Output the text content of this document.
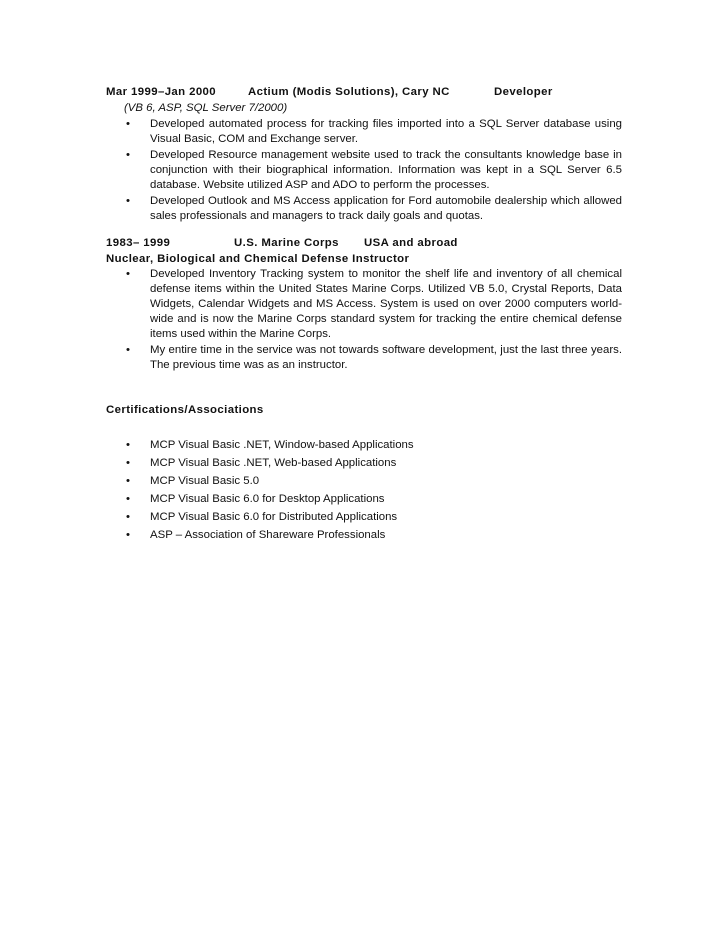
Mar 1999–Jan 2000	Actium (Modis Solutions), Cary NC	Developer
(VB 6, ASP, SQL Server 7/2000)
• Developed automated process for tracking files imported into a SQL Server database using Visual Basic, COM and Exchange server.
• Developed Resource management website used to track the consultants knowledge base in conjunction with their biographical information. Information was kept in a SQL Server 6.5 database. Website utilized ASP and ADO to perform the processes.
• Developed Outlook and MS Access application for Ford automobile dealership which allowed sales professionals and managers to track daily goals and quotas.
1983– 1999	U.S. Marine Corps USA and abroad
Nuclear, Biological and Chemical Defense Instructor
• Developed Inventory Tracking system to monitor the shelf life and inventory of all chemical defense items within the United States Marine Corps. Utilized VB 5.0, Crystal Reports, Data Widgets, Calendar Widgets and MS Access. System is used on over 2000 computers world-wide and is now the Marine Corps standard system for tracking the entire chemical defense items used within the Marine Corps.
• My entire time in the service was not towards software development, just the last three years. The previous time was as an instructor.
Certifications/Associations
• MCP Visual Basic .NET, Window-based Applications
• MCP Visual Basic .NET, Web-based Applications
• MCP Visual Basic 5.0
• MCP Visual Basic 6.0 for Desktop Applications
• MCP Visual Basic 6.0 for Distributed Applications
• ASP – Association of Shareware Professionals
